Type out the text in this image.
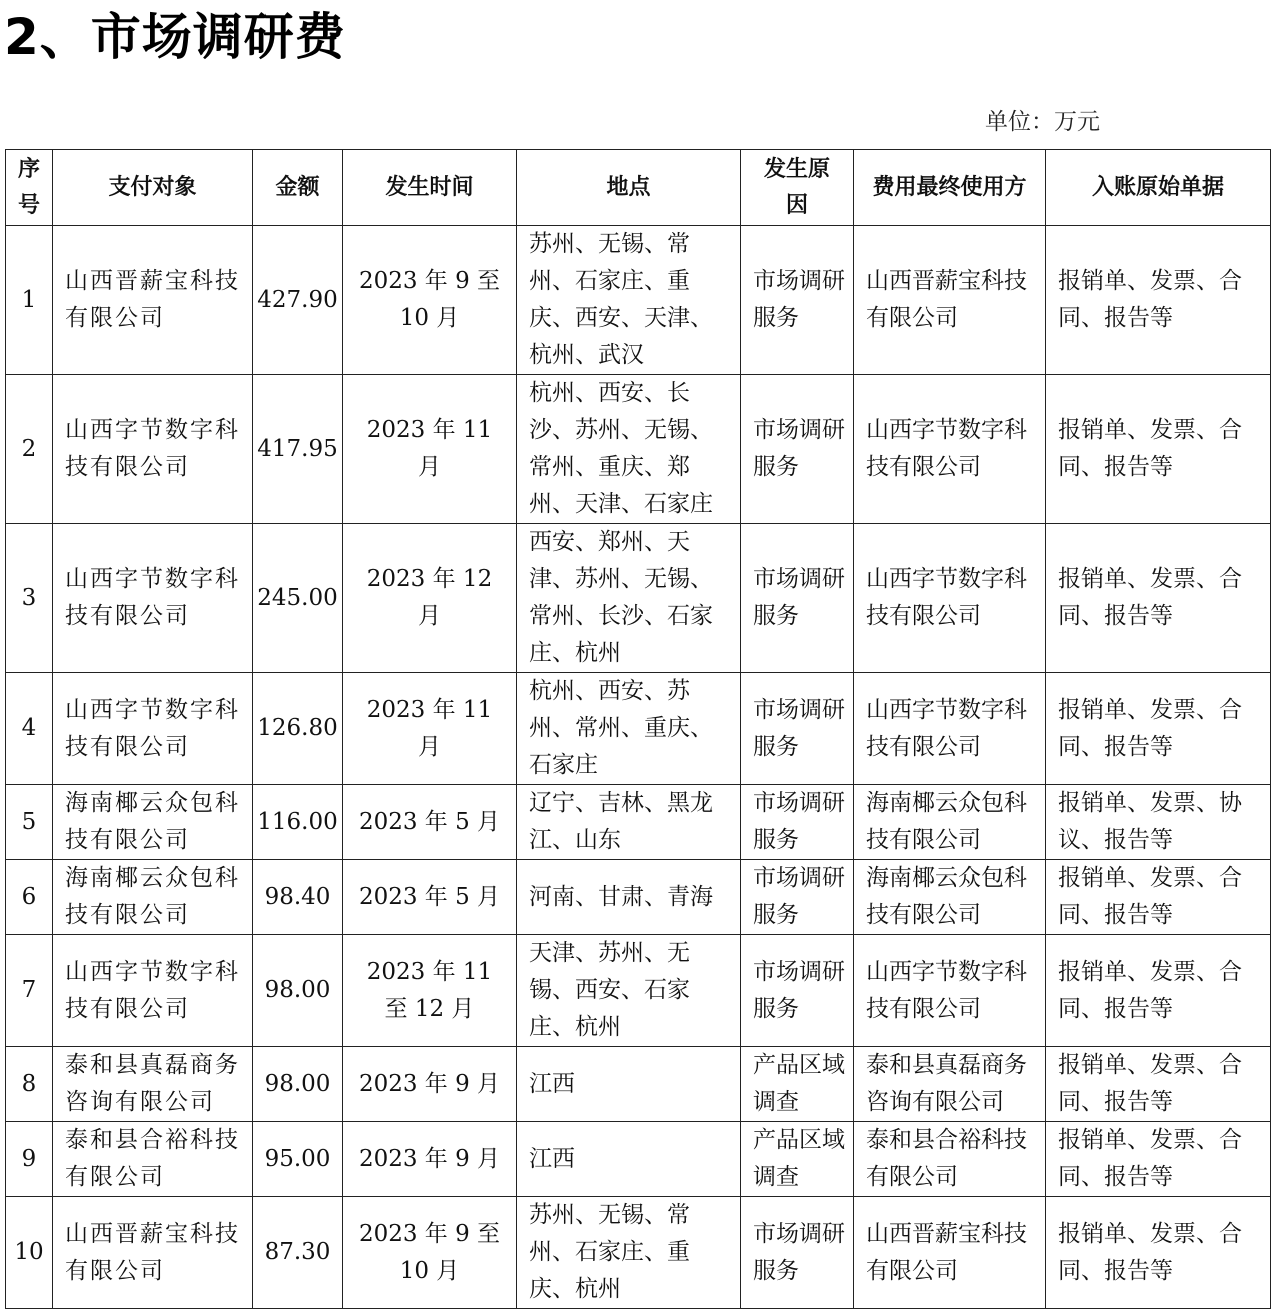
2、市场调研费
单位：万元
序号	支付对象	金额	发生时间	地点	发生原因	费用最终使用方	入账原始单据
1	山西晋薪宝科技有限公司	427.90	2023 年 9 至 10 月	苏州、无锡、常州、石家庄、重庆、西安、天津、杭州、武汉	市场调研服务	山西晋薪宝科技有限公司	报销单、发票、合同、报告等
2	山西字节数字科技有限公司	417.95	2023 年 11 月	杭州、西安、长沙、苏州、无锡、常州、重庆、郑州、天津、石家庄	市场调研服务	山西字节数字科技有限公司	报销单、发票、合同、报告等
3	山西字节数字科技有限公司	245.00	2023 年 12 月	西安、郑州、天津、苏州、无锡、常州、长沙、石家庄、杭州	市场调研服务	山西字节数字科技有限公司	报销单、发票、合同、报告等
4	山西字节数字科技有限公司	126.80	2023 年 11 月	杭州、西安、苏州、常州、重庆、石家庄	市场调研服务	山西字节数字科技有限公司	报销单、发票、合同、报告等
5	海南椰云众包科技有限公司	116.00	2023 年 5 月	辽宁、吉林、黑龙江、山东	市场调研服务	海南椰云众包科技有限公司	报销单、发票、协议、报告等
6	海南椰云众包科技有限公司	98.40	2023 年 5 月	河南、甘肃、青海	市场调研服务	海南椰云众包科技有限公司	报销单、发票、合同、报告等
7	山西字节数字科技有限公司	98.00	2023 年 11 至 12 月	天津、苏州、无锡、西安、石家庄、杭州	市场调研服务	山西字节数字科技有限公司	报销单、发票、合同、报告等
8	泰和县真磊商务咨询有限公司	98.00	2023 年 9 月	江西	产品区域调查	泰和县真磊商务咨询有限公司	报销单、发票、合同、报告等
9	泰和县合裕科技有限公司	95.00	2023 年 9 月	江西	产品区域调查	泰和县合裕科技有限公司	报销单、发票、合同、报告等
10	山西晋薪宝科技有限公司	87.30	2023 年 9 至 10 月	苏州、无锡、常州、石家庄、重庆、杭州	市场调研服务	山西晋薪宝科技有限公司	报销单、发票、合同、报告等
